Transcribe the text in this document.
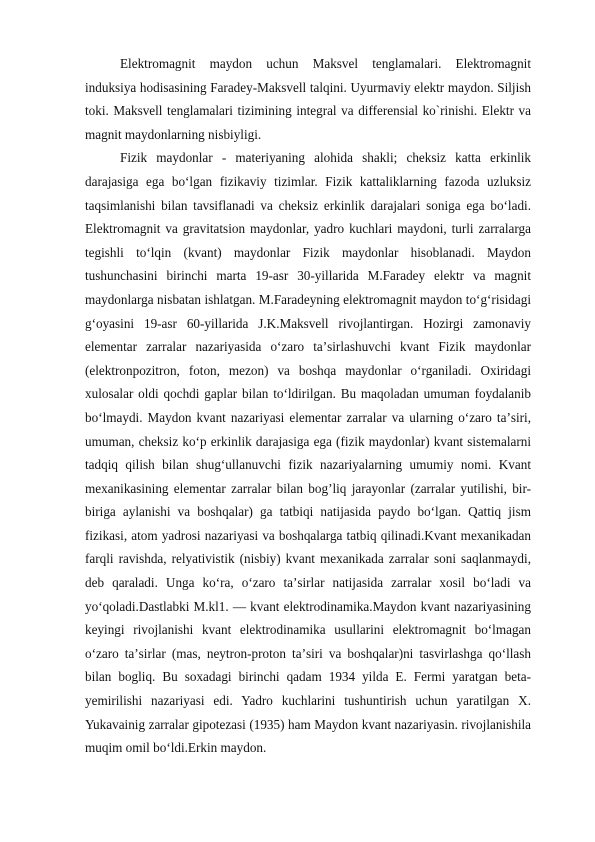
Elektromagnit maydon uchun Maksvel tenglamalari. Elektromagnit induksiya hodisasining Faradey-Maksvell talqini. Uyurmaviy elektr maydon. Siljish toki. Maksvell tenglamalari tizimining integral va differensial ko`rinishi. Elektr va magnit maydonlarning nisbiyligi.

Fizik maydonlar - materiyaning alohida shakli; cheksiz katta erkinlik darajasiga ega boʻlgan fizikaviy tizimlar. Fizik kattaliklarning fazoda uzluksiz taqsimlanishi bilan tavsiflanadi va cheksiz erkinlik darajalari soniga ega boʻladi. Elektromagnit va gravitatsion maydonlar, yadro kuchlari maydoni, turli zarralarga tegishli toʻlqin (kvant) maydonlar Fizik maydonlar hisoblanadi. Maydon tushunchasini birinchi marta 19-asr 30-yillarida M.Faradey elektr va magnit maydonlarga nisbatan ishlatgan. M.Faradeyning elektromagnit maydon toʻgʻrisidagi gʻoyasini 19-asr 60-yillarida J.K.Maksvell rivojlantirgan. Hozirgi zamonaviy elementar zarralar nazariyasida oʻzaro taʼsirlashuvchi kvant Fizik maydonlar (elektronpozitron, foton, mezon) va boshqa maydonlar oʻrganiladi. Oxiridagi xulosalar oldi qochdi gaplar bilan toʻldirilgan. Bu maqoladan umuman foydalanib boʻlmaydi. Maydon kvant nazariyasi elementar zarralar va ularning oʻzaro taʼsiri, umuman, cheksiz koʻp erkinlik darajasiga ega (fizik maydonlar) kvant sistemalarni tadqiq qilish bilan shugʻullanuvchi fizik nazariyalarning umumiy nomi. Kvant mexanikasining elementar zarralar bilan bog’liq jarayonlar (zarralar yutilishi, bir-biriga aylanishi va boshqalar) ga tatbiqi natijasida paydo boʻlgan. Qattiq jism fizikasi, atom yadrosi nazariyasi va boshqalarga tatbiq qilinadi.Kvant mexanikadan farqli ravishda, relyativistik (nisbiy) kvant mexanikada zarralar soni saqlanmaydi, deb qaraladi. Unga koʻra, oʻzaro taʼsirlar natijasida zarralar xosil boʻladi va yoʻqoladi.Dastlabki M.kl1. — kvant elektrodinamika.Maydon kvant nazariyasining keyingi rivojlanishi kvant elektrodinamika usullarini elektromagnit boʻlmagan oʻzaro taʼsirlar (mas, neytron-proton taʼsiri va boshqalar)ni tasvirlashga qoʻllash bilan bogliq. Bu soxadagi birinchi qadam 1934 yilda E. Fermi yaratgan beta-yemirilishi nazariyasi edi. Yadro kuchlarini tushuntirish uchun yaratilgan X. Yukavainig zarralar gipotezasi (1935) ham Maydon kvant nazariyasin. rivojlanishila muqim omil boʻldi.Erkin maydon.
